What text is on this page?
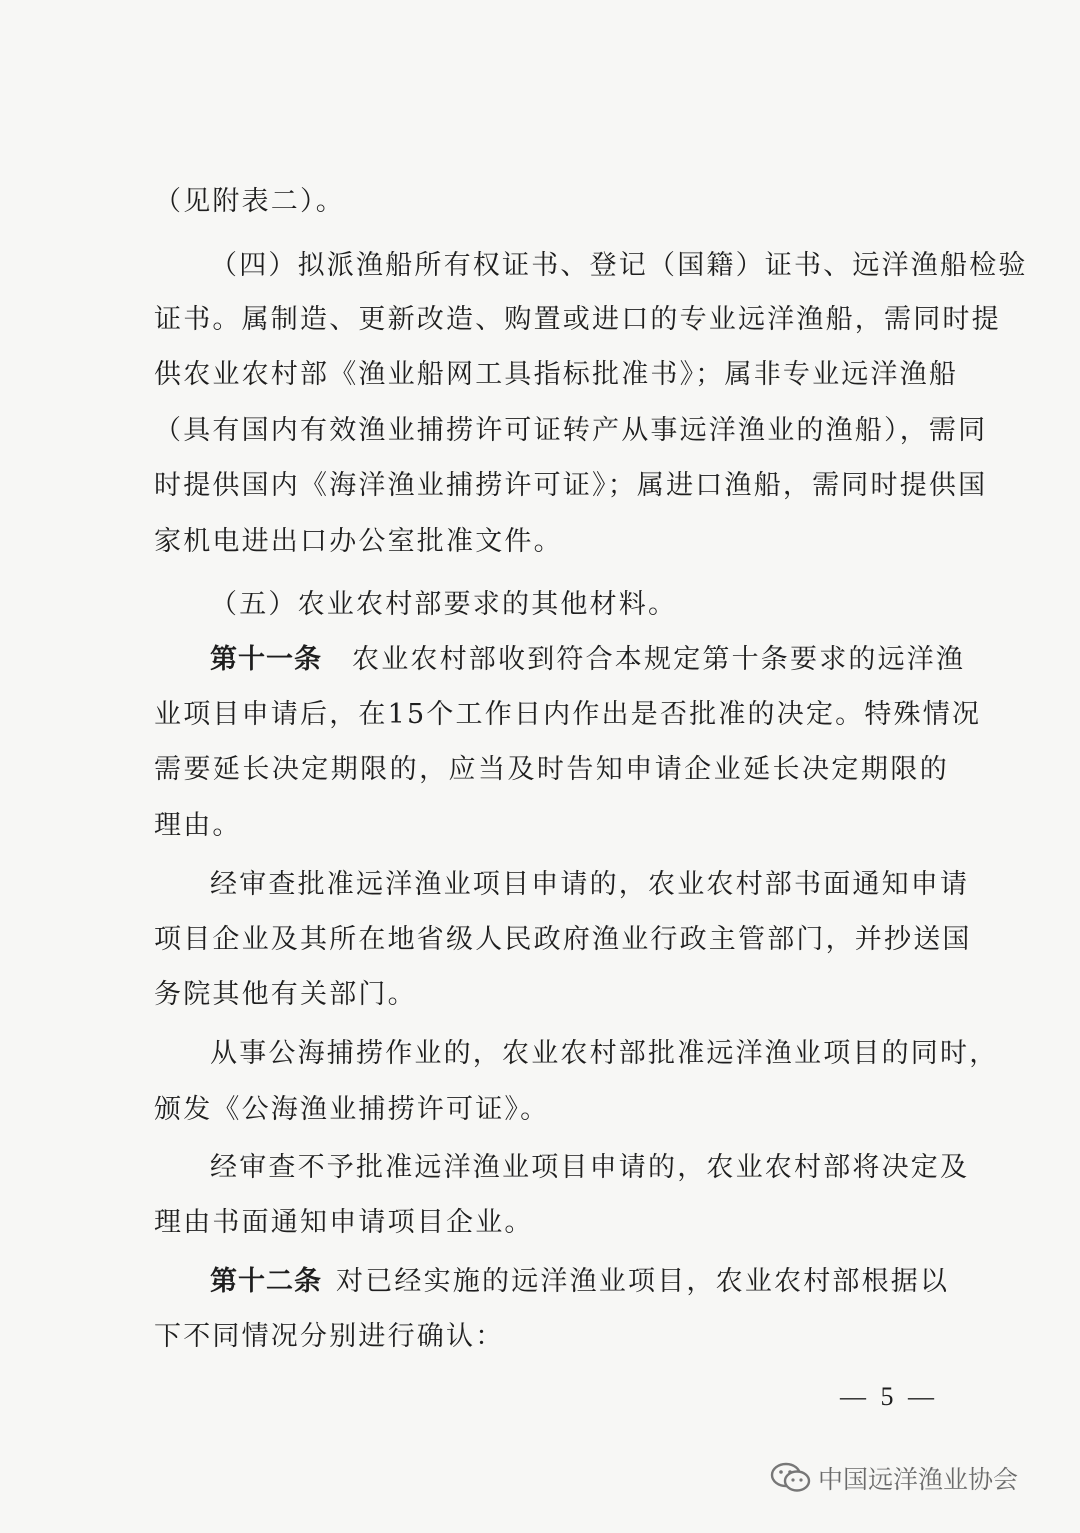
（见附表二）。
（四）拟派渔船所有权证书、登记（国籍）证书、远洋渔船检验
证书。属制造、更新改造、购置或进口的专业远洋渔船，需同时提
供农业农村部《渔业船网工具指标批准书》；属非专业远洋渔船
（具有国内有效渔业捕捞许可证转产从事远洋渔业的渔船），需同
时提供国内《海洋渔业捕捞许可证》；属进口渔船，需同时提供国
家机电进出口办公室批准文件。
（五）农业农村部要求的其他材料。
第十一条 农业农村部收到符合本规定第十条要求的远洋渔
业项目申请后，在15个工作日内作出是否批准的决定。特殊情况
需要延长决定期限的，应当及时告知申请企业延长决定期限的
理由。
经审查批准远洋渔业项目申请的，农业农村部书面通知申请
项目企业及其所在地省级人民政府渔业行政主管部门，并抄送国
务院其他有关部门。
从事公海捕捞作业的，农业农村部批准远洋渔业项目的同时，
颁发《公海渔业捕捞许可证》。
经审查不予批准远洋渔业项目申请的，农业农村部将决定及
理由书面通知申请项目企业。
第十二条 对已经实施的远洋渔业项目，农业农村部根据以
下不同情况分别进行确认：
— 5 —
中国远洋渔业协会
